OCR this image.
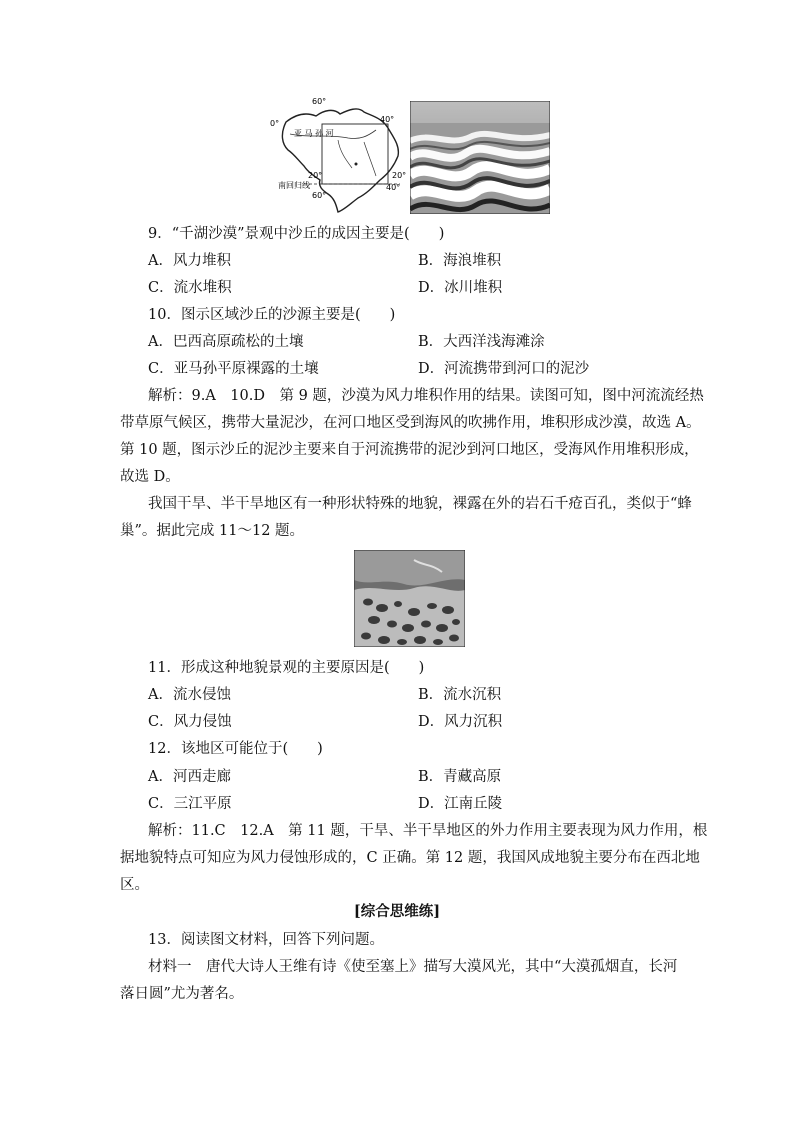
60°
0°	40°
亚 马 孙 河
20°	20°
南回归线
60°
40°
9．“千湖沙漠”景观中沙丘的成因主要是(　　)
A．风力堆积	B．海浪堆积
C．流水堆积	D．冰川堆积
10．图示区域沙丘的沙源主要是(　　)
A．巴西高原疏松的土壤	B．大西洋浅海滩涂
C．亚马孙平原裸露的土壤	D．河流携带到河口的泥沙
解析：9.A　10.D　第 9 题，沙漠为风力堆积作用的结果。读图可知，图中河流流经热
带草原气候区，携带大量泥沙，在河口地区受到海风的吹拂作用，堆积形成沙漠，故选 A。
第 10 题，图示沙丘的泥沙主要来自于河流携带的泥沙到河口地区，受海风作用堆积形成，
故选 D。
我国干旱、半干旱地区有一种形状特殊的地貌，裸露在外的岩石千疮百孔，类似于“蜂
巢”。据此完成 11～12 题。
11．形成这种地貌景观的主要原因是(　　)
A．流水侵蚀	B．流水沉积
C．风力侵蚀	D．风力沉积
12．该地区可能位于(　　)
A．河西走廊	B．青藏高原
C．三江平原	D．江南丘陵
解析：11.C　12.A　第 11 题，干旱、半干旱地区的外力作用主要表现为风力作用，根
据地貌特点可知应为风力侵蚀形成的，C 正确。第 12 题，我国风成地貌主要分布在西北地
区。
[综合思维练]
13．阅读图文材料，回答下列问题。
材料一　唐代大诗人王维有诗《使至塞上》描写大漠风光，其中“大漠孤烟直，长河
落日圆”尤为著名。
